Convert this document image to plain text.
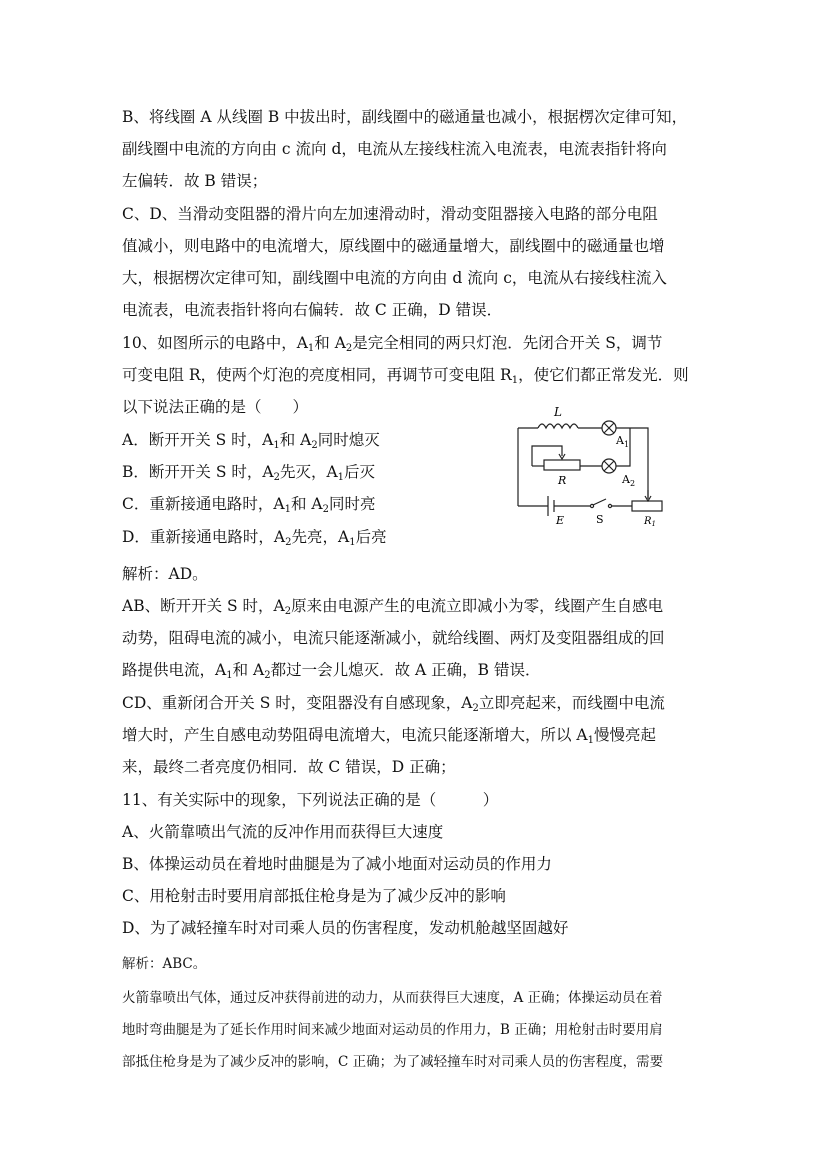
B、将线圈 A 从线圈 B 中拔出时，副线圈中的磁通量也减小，根据楞次定律可知，
副线圈中电流的方向由 c 流向 d，电流从左接线柱流入电流表，电流表指针将向
左偏转．故 B 错误；
C、D、当滑动变阻器的滑片向左加速滑动时，滑动变阻器接入电路的部分电阻
值减小，则电路中的电流增大，原线圈中的磁通量增大，副线圈中的磁通量也增
大，根据楞次定律可知，副线圈中电流的方向由 d 流向 c，电流从右接线柱流入
电流表，电流表指针将向右偏转．故 C 正确，D 错误．
10、如图所示的电路中，$A_1$和 $A_2$是完全相同的两只灯泡．先闭合开关 S，调节
可变电阻 R，使两个灯泡的亮度相同，再调节可变电阻 $R_1$，使它们都正常发光．则
以下说法正确的是（　　）
A．断开开关 S 时，$A_1$和 $A_2$同时熄灭
B．断开开关 S 时，$A_2$先灭，$A_1$后灭
C．重新接通电路时，$A_1$和 $A_2$同时亮
D．重新接通电路时，$A_2$先亮，$A_1$后亮
L
$A_1$
$A_2$
R
E	S	$R_1$
解析：AD。
AB、断开开关 S 时，$A_2$原来由电源产生的电流立即减小为零，线圈产生自感电
动势，阻碍电流的减小，电流只能逐渐减小，就给线圈、两灯及变阻器组成的回
路提供电流，$A_1$和 $A_2$都过一会儿熄灭．故 A 正确，B 错误．
CD、重新闭合开关 S 时，变阻器没有自感现象，$A_2$立即亮起来，而线圈中电流
增大时，产生自感电动势阻碍电流增大，电流只能逐渐增大，所以 $A_1$慢慢亮起
来，最终二者亮度仍相同．故 C 错误，D 正确；
11、有关实际中的现象，下列说法正确的是（　　　）
A、火箭靠喷出气流的反冲作用而获得巨大速度
B、体操运动员在着地时曲腿是为了减小地面对运动员的作用力
C、用枪射击时要用肩部抵住枪身是为了减少反冲的影响
D、为了减轻撞车时对司乘人员的伤害程度，发动机舱越坚固越好
解析：ABC。
火箭靠喷出气体，通过反冲获得前进的动力，从而获得巨大速度，A 正确；体操运动员在着
地时弯曲腿是为了延长作用时间来减少地面对运动员的作用力，B 正确；用枪射击时要用肩
部抵住枪身是为了减少反冲的影响，C 正确；为了减轻撞车时对司乘人员的伤害程度，需要
